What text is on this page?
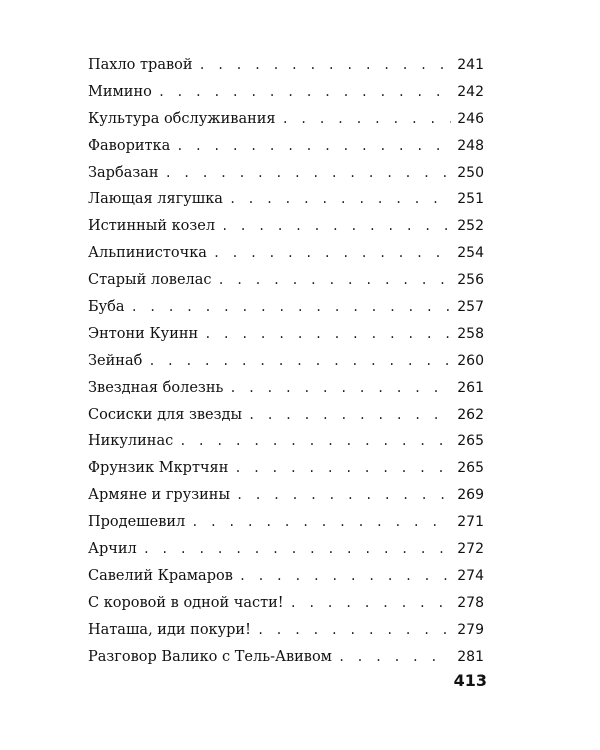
Пахло травой . . .	241
Мимино . . .	242
Культура обслуживания . . .	246
Фаворитка . . .	248
Зарбазан . . .	250
Лающая лягушка . . .	251
Истинный козел . . .	252
Альпинисточка . . .	254
Старый ловелас . . .	256
Буба . . .	257
Энтони Куинн . . .	258
Зейнаб . . .	260
Звездная болезнь . . .	261
Сосиски для звезды . . .	262
Никулинас . . .	265
Фрунзик Мкртчян . . .	265
Армяне и грузины . . .	269
Продешевил . . .	271
Арчил . . .	272
Савелий Крамаров . . .	274
С коровой в одной части! . . .	278
Наташа, иди покури! . . .	279
Разговор Валико с Тель-Авивом . . .	281
413
